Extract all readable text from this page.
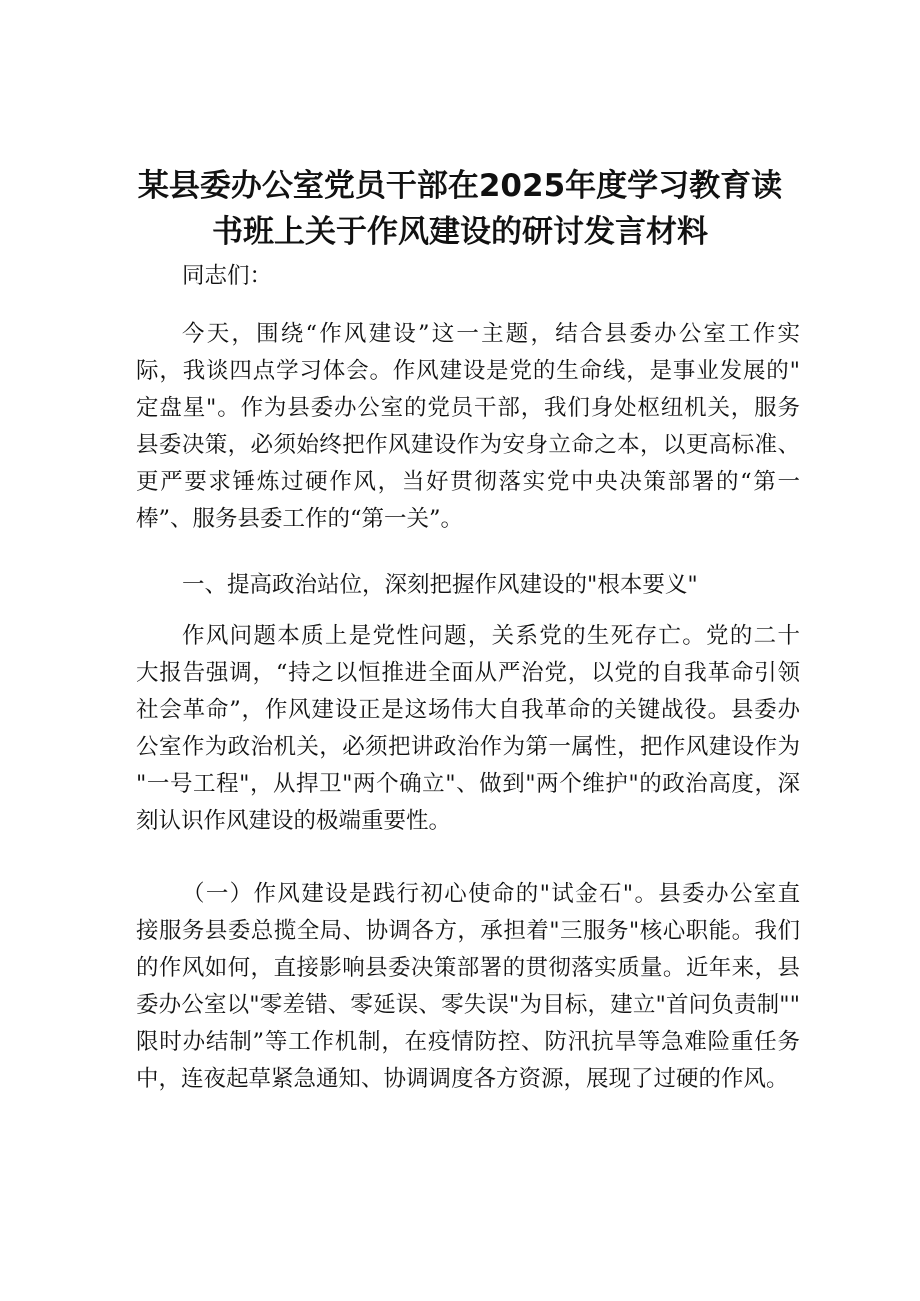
某县委办公室党员干部在2025年度学习教育读
书班上关于作风建设的研讨发言材料
同志们：
今天，围绕“作风建设”这一主题，结合县委办公室工作实
际，我谈四点学习体会。作风建设是党的生命线，是事业发展的"
定盘星"。作为县委办公室的党员干部，我们身处枢纽机关，服务
县委决策，必须始终把作风建设作为安身立命之本，以更高标准、
更严要求锤炼过硬作风，当好贯彻落实党中央决策部署的“第一
棒”、服务县委工作的“第一关”。
一、提高政治站位，深刻把握作风建设的"根本要义"
作风问题本质上是党性问题，关系党的生死存亡。党的二十
大报告强调，“持之以恒推进全面从严治党，以党的自我革命引领
社会革命”，作风建设正是这场伟大自我革命的关键战役。县委办
公室作为政治机关，必须把讲政治作为第一属性，把作风建设作为
"一号工程"，从捍卫"两个确立"、做到"两个维护"的政治高度，深
刻认识作风建设的极端重要性。
（一）作风建设是践行初心使命的"试金石"。县委办公室直
接服务县委总揽全局、协调各方，承担着"三服务"核心职能。我们
的作风如何，直接影响县委决策部署的贯彻落实质量。近年来，县
委办公室以"零差错、零延误、零失误"为目标，建立"首问负责制""
限时办结制”等工作机制，在疫情防控、防汛抗旱等急难险重任务
中，连夜起草紧急通知、协调调度各方资源，展现了过硬的作风。
